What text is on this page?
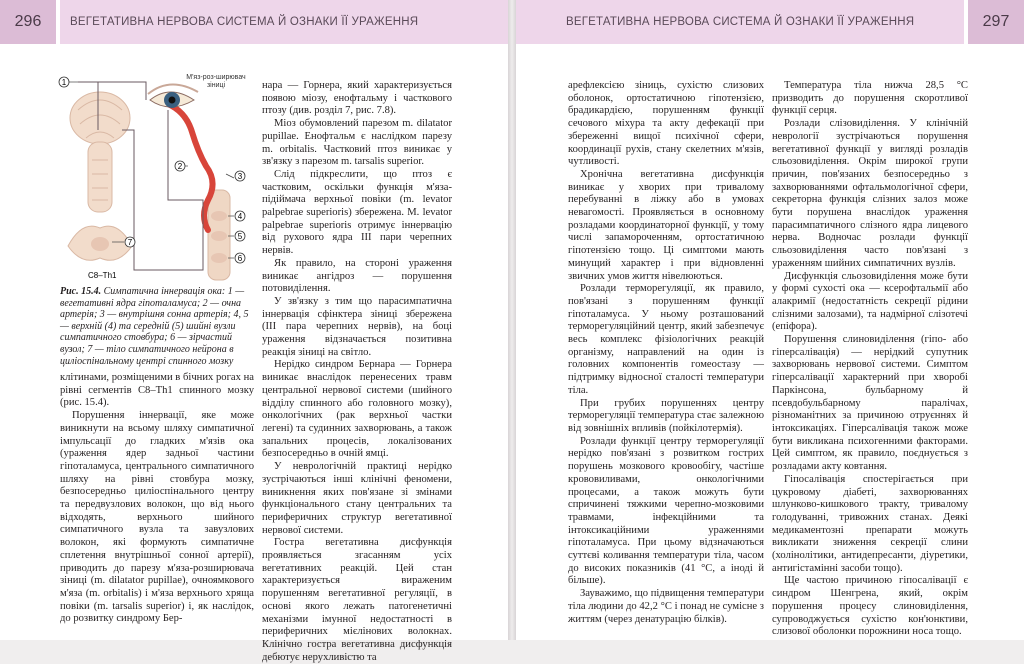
296	ВЕГЕТАТИВНА НЕРВОВА СИСТЕМА Й ОЗНАКИ ЇЇ УРАЖЕННЯ
1
2
3
4
5
6
7
C8–Th1
М'яз-роз-ширювач зіниці
Рис. 15.4. Симпатична іннервація ока: 1 — вегетативні ядра гіпоталамуса; 2 — очна артерія; 3 — внутрішня сонна артерія; 4, 5 — верхній (4) та середній (5) шийні вузли симпатичного стовбура; 6 — зірчастий вузол; 7 — тіло симпатичного нейрона в циліоспінальному центрі спинного мозку

клітинами, розміщеними в бічних рогах на рівні сегментів C8–Th1 спинного мозку (рис. 15.4).

Порушення іннервації, яке може виникнути на всьому шляху симпатичної імпульсації до гладких м'язів ока (ураження ядер задньої частини гіпоталамуса, центрального симпатичного шляху на рівні стовбура мозку, безпосередньо циліоспінального центру та передвузлових волокон, що від нього відходять, верхнього шийного симпатичного вузла та завузлових волокон, які формують симпатичне сплетення внутрішньої сонної артерії), приводить до парезу м'яза-розширювача зіниці (m. dilatator pupillae), очноямкового м'яза (m. orbitalis) і м'яза верхнього хряща повіки (m. tarsalis superior) і, як наслідок, до розвитку синдрому Бер-

нара — Горнера, який характеризується появою міозу, енофтальму і часткового птозу (див. розділ 7, рис. 7.8).

Міоз обумовлений парезом m. dilatator pupillae. Енофтальм є наслідком парезу m. orbitalis. Частковий птоз виникає у зв'язку з парезом m. tarsalis superior.

Слід підкреслити, що птоз є частковим, оскільки функція м'яза-підіймача верхньої повіки (m. levator palpebrae superioris) збережена. M. levator palpebrae superioris отримує іннервацію від рухового ядра III пари черепних нервів.

Як правило, на стороні ураження виникає ангідроз — порушення потовиділення.

У зв'язку з тим що парасимпатична іннервація сфінктера зіниці збережена (III пара черепних нервів), на боці ураження відзначається позитивна реакція зіниці на світло.

Нерідко синдром Бернара — Горнера виникає внаслідок перенесених травм центральної нервової системи (шийного відділу спинного або головного мозку), онкологічних (рак верхньої частки легені) та судинних захворювань, а також запальних процесів, локалізованих безпосередньо в очній ямці.

У неврологічній практиці нерідко зустрічаються інші клінічні феномени, виникнення яких пов'язане зі змінами функціонального стану центральних та периферичних структур вегетативної нервової системи.

Гостра вегетативна дисфункція проявляється згасанням усіх вегетативних реакцій. Цей стан характеризується вираженим порушенням вегетативної регуляції, в основі якого лежать патогенетичні механізми імунної недостатності в периферичних мієлінових волокнах. Клінічно гостра вегетативна дисфункція дебютує нерухливістю та

ВЕГЕТАТИВНА НЕРВОВА СИСТЕМА Й ОЗНАКИ ЇЇ УРАЖЕННЯ	297

арефлексією зіниць, сухістю слизових оболонок, ортостатичною гіпотензією, брадикардією, порушенням функції сечового міхура та акту дефекації при збереженні вищої психічної сфери, координації рухів, стану скелетних м'язів, чутливості.

Хронічна вегетативна дисфункція виникає у хворих при тривалому перебуванні в ліжку або в умовах невагомості. Проявляється в основному розладами координаторної функції, у тому числі запамороченням, ортостатичною гіпотензією тощо. Ці симптоми мають минущий характер і при відновленні звичних умов життя нівелюються.

Розлади терморегуляції, як правило, пов'язані з порушенням функції гіпоталамуса. У ньому розташований терморегуляційний центр, який забезпечує весь комплекс фізіологічних реакцій організму, направлений на один із головних компонентів гомеостазу — підтримку відносної сталості температури тіла.

При грубих порушеннях центру терморегуляції температура стає залежною від зовнішніх впливів (пойкілотермія).

Розлади функції центру терморегуляції нерідко пов'язані з розвитком гострих порушень мозкового кровообігу, частіше крововиливами, онкологічними процесами, а також можуть бути спричинені тяжкими черепно-мозковими травмами, інфекційними та інтоксикаційними ураженнями гіпоталамуса. При цьому відзначаються суттєві коливання температури тіла, часом до високих показників (41 °C, а іноді й більше).

Зауважимо, що підвищення температури тіла людини до 42,2 °C і понад не сумісне з життям (через денатурацію білків).

Температура тіла нижча 28,5 °C призводить до порушення скоротливої функції серця.

Розлади слізовиділення. У клінічній неврології зустрічаються порушення вегетативної функції у вигляді розладів сльозовиділення. Окрім широкої групи причин, пов'язаних безпосередньо з захворюваннями офтальмологічної сфери, секреторна функція слізних залоз може бути порушена внаслідок ураження парасимпатичного слізного ядра лицевого нерва. Водночас розлади функції сльозовиділення часто пов'язані з ураженням шийних симпатичних вузлів.

Дисфункція сльозовиділення може бути у формі сухості ока — ксерофтальмії або алакримії (недостатність секреції рідини слізними залозами), та надмірної слізотечі (епіфора).

Порушення слиновиділення (гіпо- або гіперсалівація) — нерідкий супутник захворювань нервової системи. Симптом гіперсалівації характерний при хворобі Паркінсона, бульбарному й псевдобульбарному паралічах, різноманітних за причиною отруєннях й інтоксикаціях. Гіперсалівація також може бути викликана психогенними факторами. Цей симптом, як правило, поєднується з розладами акту ковтання.

Гіпосалівація спостерігається при цукровому діабеті, захворюваннях шлунково-кишкового тракту, тривалому голодуванні, тривожних станах. Деякі медикаментозні препарати можуть викликати зниження секреції слини (холінолітики, антидепресанти, діуретики, антигістамінні засоби тощо).

Ще частою причиною гіпосалівації є синдром Шенгрена, який, окрім порушення процесу слиновиділення, супроводжується сухістю кон'юнктиви, слизової оболонки порожнини носа тощо.
